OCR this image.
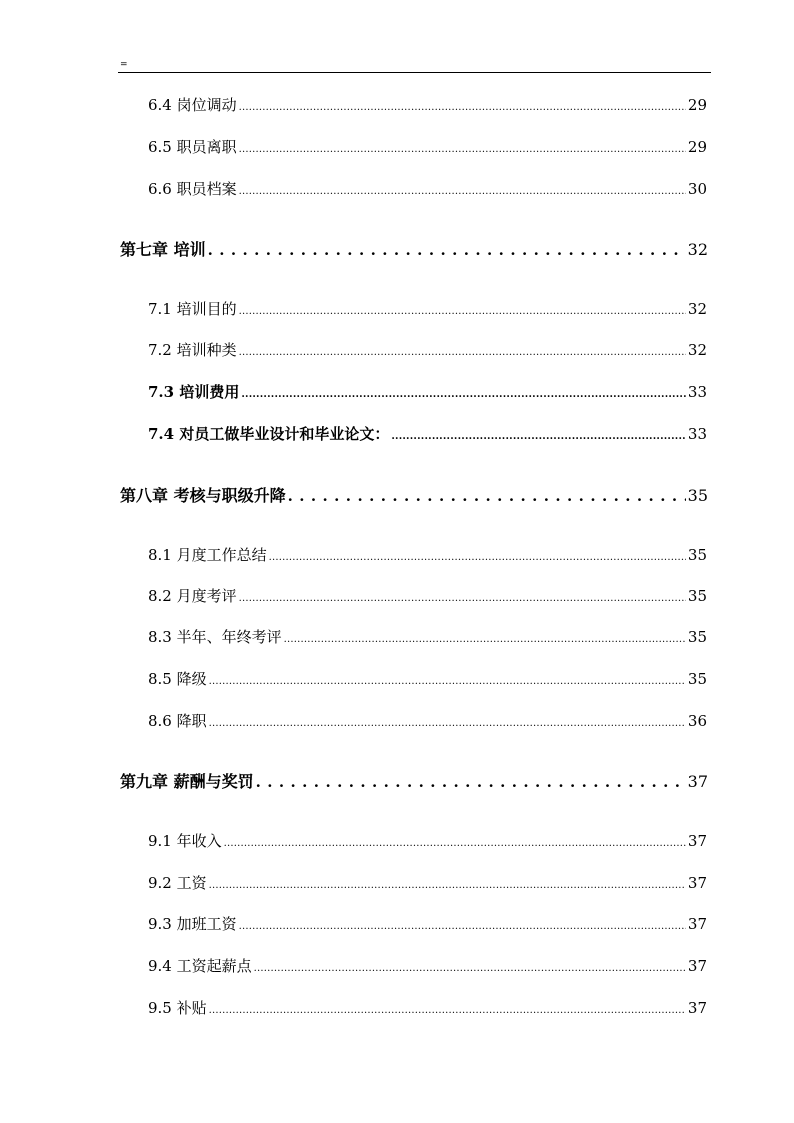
=
6.4 岗位调动 .....	29
6.5 职员离职 .....	29
6.6 职员档案 .....	30
第七章 培训 . . .	32
7.1 培训目的 .....	32
7.2 培训种类 .....	32
7.3 培训费用 .....	33
7.4 对员工做毕业设计和毕业论文： .....	33
第八章 考核与职级升降 . . .	35
8.1 月度工作总结 .....	35
8.2 月度考评 .....	35
8.3 半年、年终考评 .....	35
8.5 降级 .....	35
8.6 降职 .....	36
第九章 薪酬与奖罚 . . .	37
9.1 年收入 .....	37
9.2 工资 .....	37
9.3 加班工资 .....	37
9.4 工资起薪点 .....	37
9.5 补贴 .....	37
